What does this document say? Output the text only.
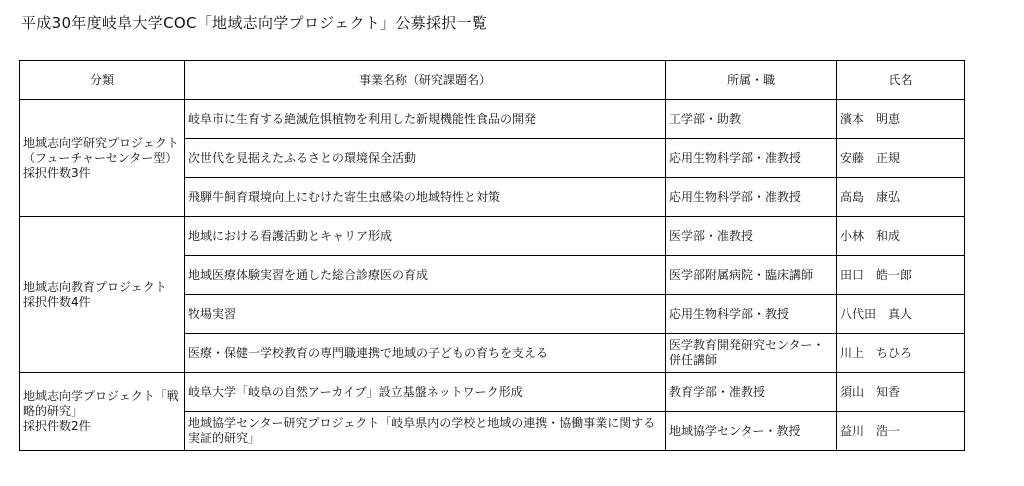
平成30年度岐阜大学COC「地域志向学プロジェクト」公募採択一覧
分類	事業名称（研究課題名）	所属・職	氏名
地域志向学研究プロジェクト（フューチャーセンター型）
採択件数3件	岐阜市に生育する絶滅危惧植物を利用した新規機能性食品の開発	工学部・助教	濱本　明恵
	次世代を見据えたふるさとの環境保全活動	応用生物科学部・准教授	安藤　正規
	飛騨牛飼育環境向上にむけた寄生虫感染の地域特性と対策	応用生物科学部・准教授	高島　康弘
地域志向教育プロジェクト
採択件数4件	地域における看護活動とキャリア形成	医学部・准教授	小林　和成
	地域医療体験実習を通した総合診療医の育成	医学部附属病院・臨床講師	田口　皓一郎
	牧場実習	応用生物科学部・教授	八代田　真人
	医療・保健一学校教育の専門職連携で地域の子どもの育ちを支える	医学教育開発研究センター・併任講師	川上　ちひろ
地域志向学プロジェクト「戦略的研究」
採択件数2件	岐阜大学「岐阜の自然アーカイブ」設立基盤ネットワーク形成	教育学部・准教授	須山　知香
	地域協学センター研究プロジェクト「岐阜県内の学校と地域の連携・協働事業に関する実証的研究」	地域協学センター・教授	益川　浩一
